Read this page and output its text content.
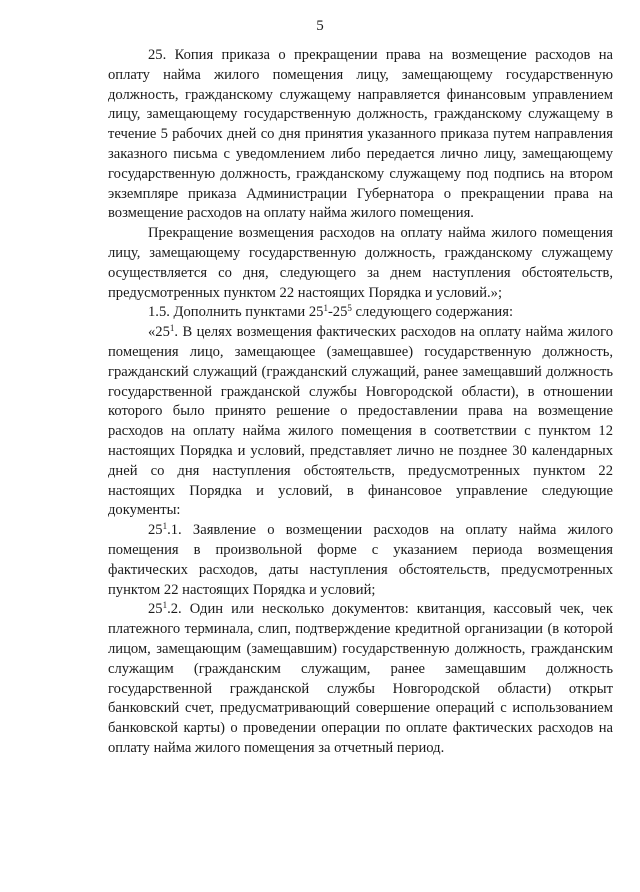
5

25. Копия приказа о прекращении права на возмещение расходов на оплату найма жилого помещения лицу, замещающему государственную должность, гражданскому служащему направляется финансовым управлением лицу, замещающему государственную должность, гражданскому служащему в течение 5 рабочих дней со дня принятия указанного приказа путем направления заказного письма с уведомлением либо передается лично лицу, замещающему государственную должность, гражданскому служащему под подпись на втором экземпляре приказа Администрации Губернатора о прекращении права на возмещение расходов на оплату найма жилого помещения.

Прекращение возмещения расходов на оплату найма жилого помещения лицу, замещающему государственную должность, гражданскому служащему осуществляется со дня, следующего за днем наступления обстоятельств, предусмотренных пунктом 22 настоящих Порядка и условий.»;

1.5. Дополнить пунктами $25^1-25^5$ следующего содержания:

«$25^1$. В целях возмещения фактических расходов на оплату найма жилого помещения лицо, замещающее (замещавшее) государственную должность, гражданский служащий (гражданский служащий, ранее замещавший должность государственной гражданской службы Новгородской области), в отношении которого было принято решение о предоставлении права на возмещение расходов на оплату найма жилого помещения в соответствии с пунктом 12 настоящих Порядка и условий, представляет лично не позднее 30 календарных дней со дня наступления обстоятельств, предусмотренных пунктом 22 настоящих Порядка и условий, в финансовое управление следующие документы:

$25^1.1$. Заявление о возмещении расходов на оплату найма жилого помещения в произвольной форме с указанием периода возмещения фактических расходов, даты наступления обстоятельств, предусмотренных пунктом 22 настоящих Порядка и условий;

$25^1.2$. Один или несколько документов: квитанция, кассовый чек, чек платежного терминала, слип, подтверждение кредитной организации (в которой лицом, замещающим (замещавшим) государственную должность, гражданским служащим (гражданским служащим, ранее замещавшим должность государственной гражданской службы Новгородской области) открыт банковский счет, предусматривающий совершение операций с использованием банковской карты) о проведении операции по оплате фактических расходов на оплату найма жилого помещения за отчетный период.
